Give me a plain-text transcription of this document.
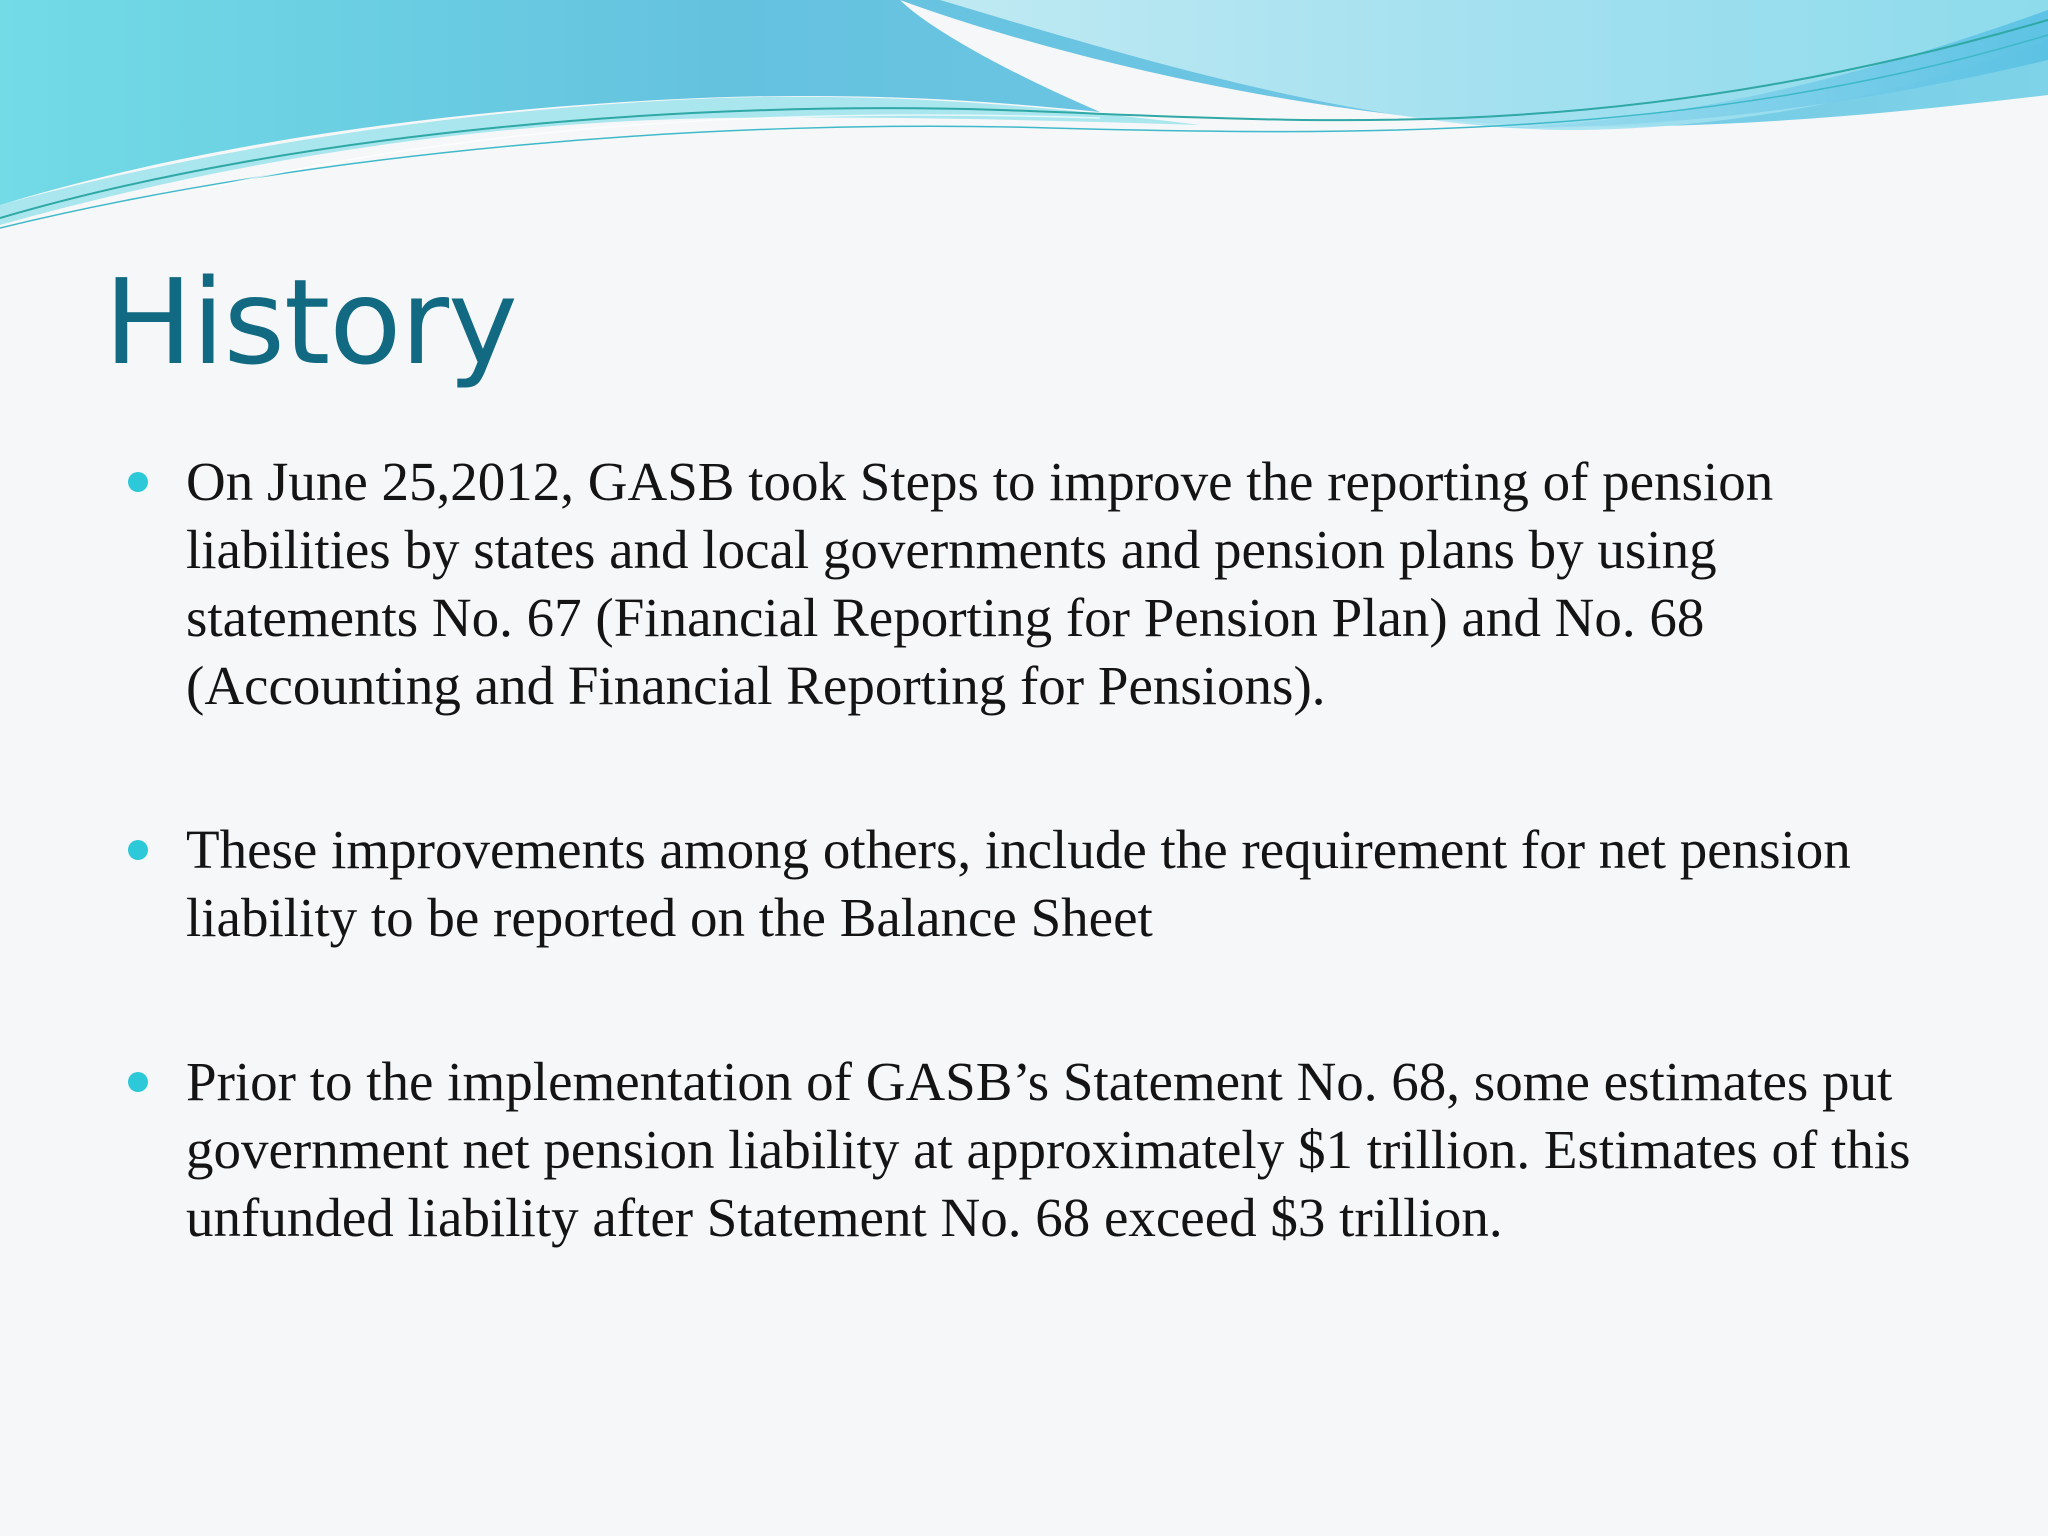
History
On June 25,2012, GASB took Steps to improve the reporting of pension liabilities by states and local governments and pension plans by using statements No. 67 (Financial Reporting for Pension Plan) and No. 68 (Accounting and Financial Reporting for Pensions).
These improvements among others, include the requirement for net pension liability to be reported on the Balance Sheet
Prior to the implementation of GASB’s Statement No. 68, some estimates put government net pension liability at approximately $1 trillion. Estimates of this unfunded liability after Statement No. 68 exceed $3 trillion.
